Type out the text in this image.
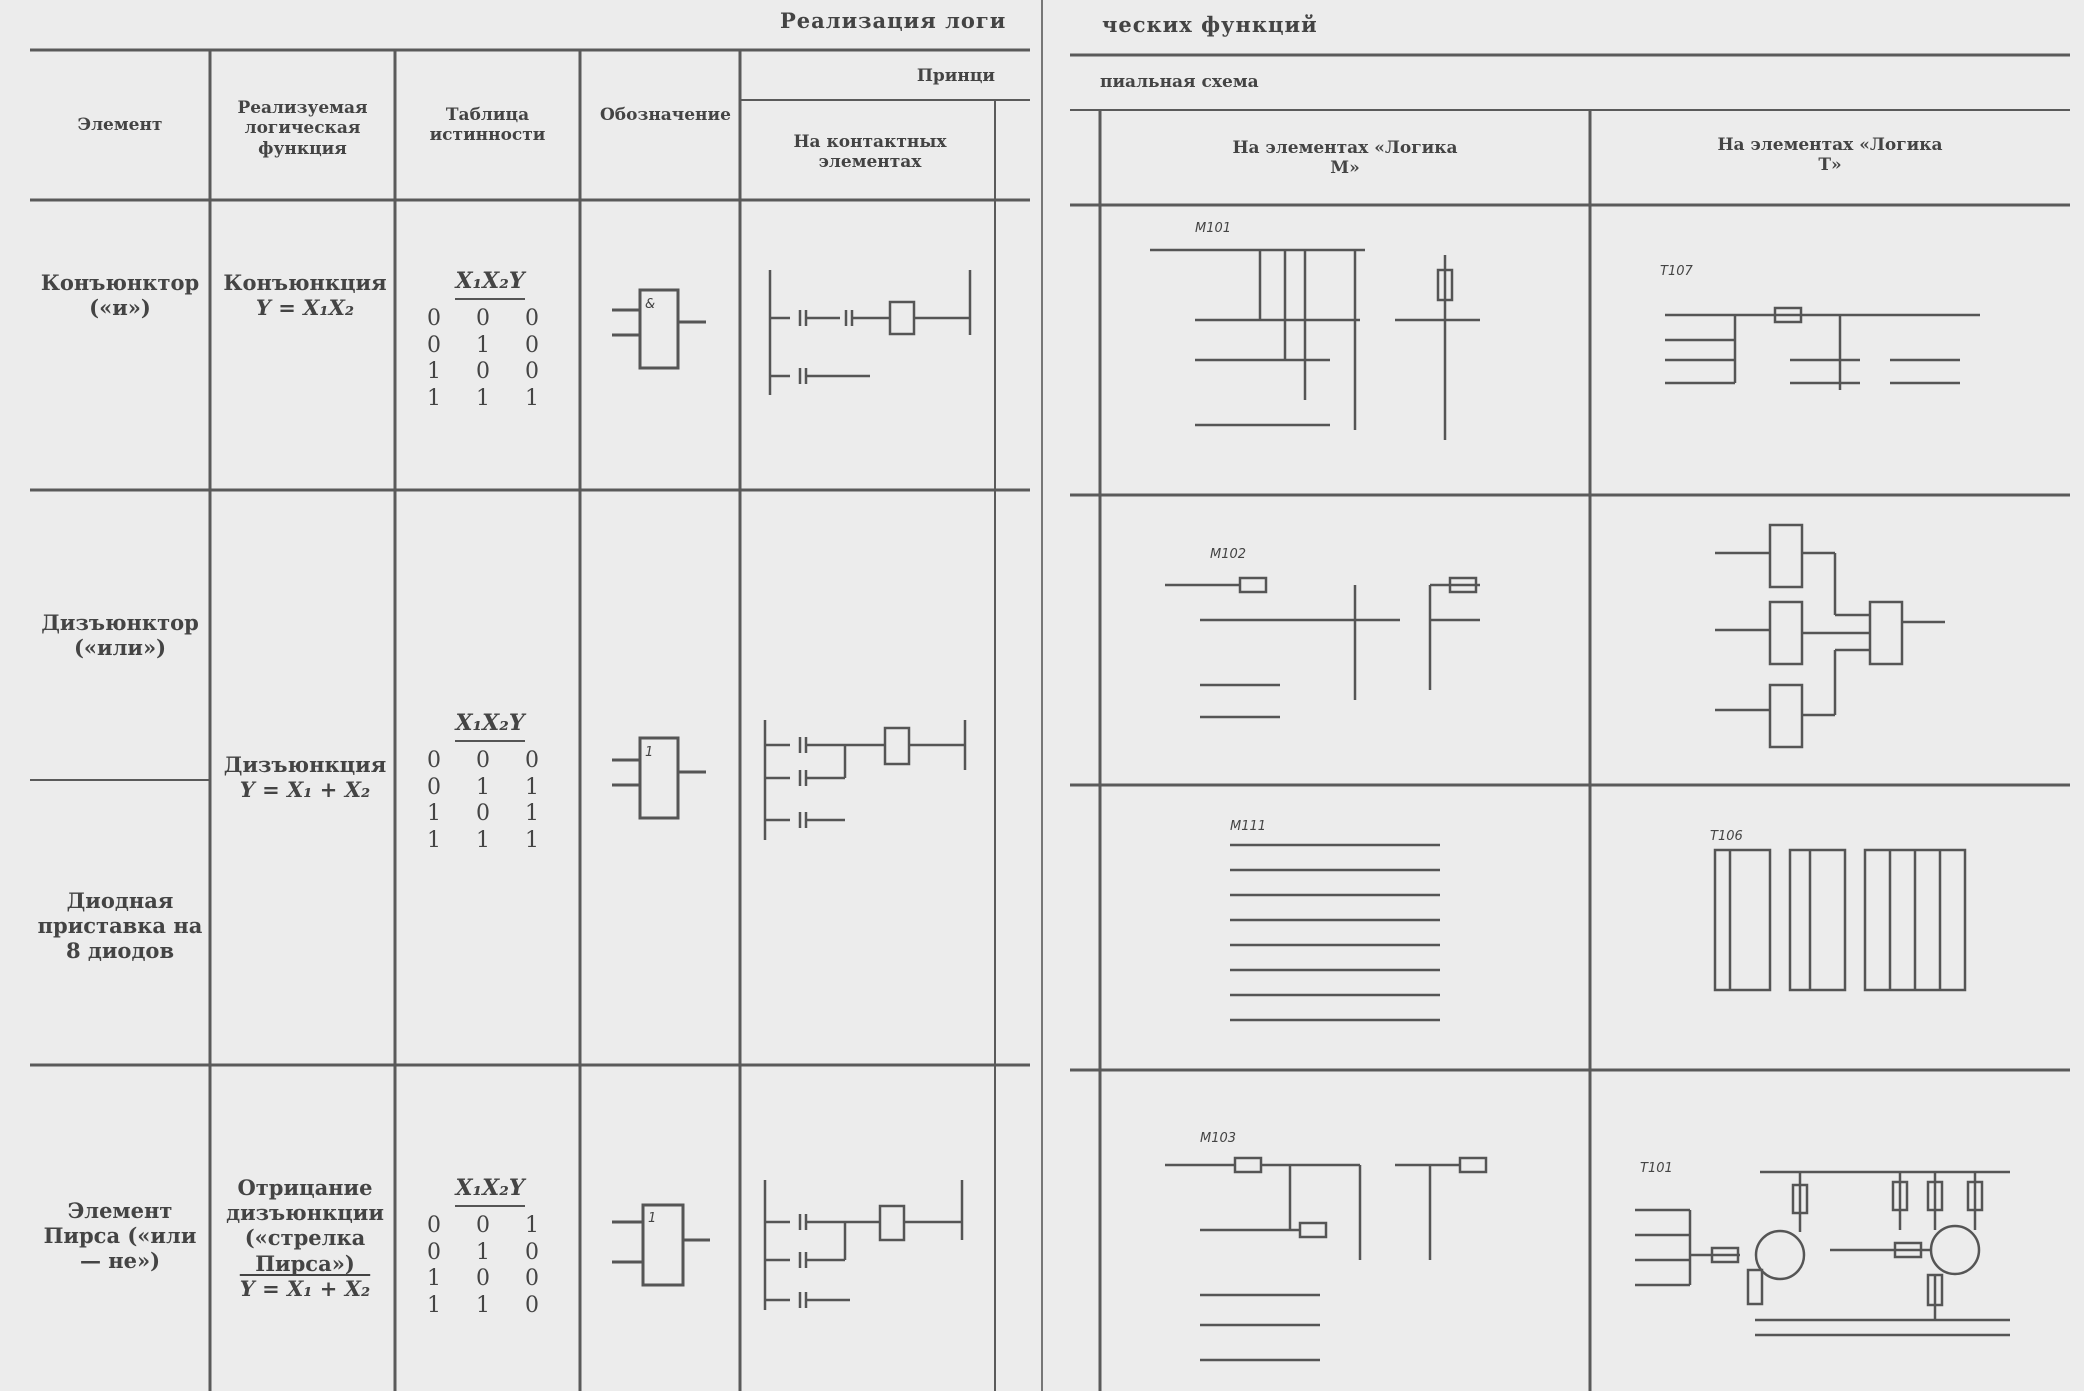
Реализация логи	ческих функций
Элемент
Реализуемая логическая функция
Таблица истинности
Обозначение
Принци	пиальная схема
На контактных элементах
На элементах «Логика М»
На элементах «Логика Т»
Конъюнктор («и»)
Конъюнкция
Y = X₁X₂
X₁X₂Y
0 0 0
0 1 0
1 0 0
1 1 1
Дизъюнктор («или»)
Дизъюнкция
Y = X₁ + X₂
X₁X₂Y
0 0 0
0 1 1
1 0 1
1 1 1
Диодная приставка на 8 диодов
Элемент Пирса («или — не»)
Отрицание дизъюнкции («стрелка Пирса»)
Y = X₁ + X₂
X₁X₂Y
0 0 1
0 1 0
1 0 0
1 1 0
&
1
1
М101
М102
М111
М103
Т107
Т106
Т101
